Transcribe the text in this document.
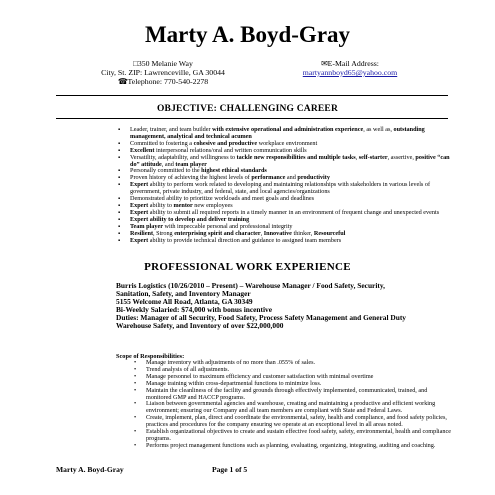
Marty A. Boyd-Gray
□350 Melanie Way
City, St. ZIP: Lawrenceville, GA 30044
☎Telephone: 770-540-2278
✉E-Mail Address:
martyannboyd65@yahoo.com
OBJECTIVE: CHALLENGING CAREER
▪ Leader, trainer, and team builder with extensive operational and administration experience, as well as, outstanding management, analytical and technical acumen
▪ Committed to fostering a cohesive and productive workplace environment
▪ Excellent interpersonal relations/oral and written communication skills
▪ Versatility, adaptability, and willingness to tackle new responsibilities and multiple tasks, self-starter, assertive, positive “can do” attitude, and team player
▪ Personally committed to the highest ethical standards
▪ Proven history of achieving the highest levels of performance and productivity
▪ Expert ability to perform work related to developing and maintaining relationships with stakeholders in various levels of government, private industry, and federal, state, and local agencies/organizations
▪ Demonstrated ability to prioritize workloads and meet goals and deadlines
▪ Expert ability to mentor new employees
▪ Expert ability to submit all required reports in a timely manner in an environment of frequent change and unexpected events
▪ Expert ability to develop and deliver training
▪ Team player with impeccable personal and professional integrity
▪ Resilient, Strong enterprising spirit and character, Innovative thinker, Resourceful
▪ Expert ability to provide technical direction and guidance to assigned team members
PROFESSIONAL WORK EXPERIENCE
Burris Logistics (10/26/2010 – Present) – Warehouse Manager / Food Safety, Security, Sanitation, Safety, and Inventory Manager
5155 Welcome All Road, Atlanta, GA 30349
Bi-Weekly Salaried: $74,000 with bonus incentive
Duties: Manager of all Security, Food Safety, Process Safety Management and General Duty Warehouse Safety, and Inventory of over $22,000,000
Scope of Responsibilities:
• Manage inventory with adjustments of no more than .055% of sales.
• Trend analysis of all adjustments.
• Manage personnel to maximum efficiency and customer satisfaction with minimal overtime
• Manage training within cross-departmental functions to minimize loss.
• Maintain the cleanliness of the facility and grounds through effectively implemented, communicated, trained, and monitored GMP and HACCP programs.
• Liaison between governmental agencies and warehouse, creating and maintaining a productive and efficient working environment; ensuring our Company and all team members are compliant with State and Federal Laws.
• Create, implement, plan, direct and coordinate the environmental, safety, health and compliance, and food safety policies, practices and procedures for the company ensuring we operate at an exceptional level in all areas noted.
• Establish organizational objectives to create and sustain effective food safety, safety, environmental, health and compliance programs.
• Performs project management functions such as planning, evaluating, organizing, integrating, auditing and coaching.
Marty A. Boyd-Gray	Page 1 of 5
